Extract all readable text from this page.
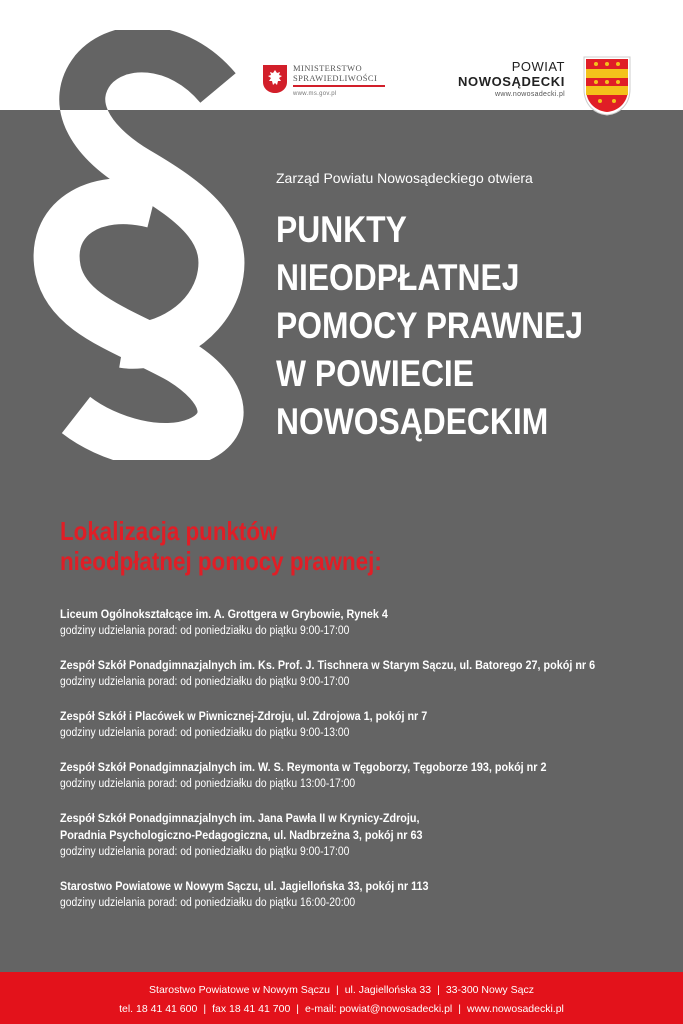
MINISTERSTWO
SPRAWIEDLIWOŚCI
www.ms.gov.pl
POWIAT
NOWOSĄDECKI
www.nowosadecki.pl
Zarząd Powiatu Nowosądeckiego otwiera
PUNKTY
NIEODPŁATNEJ
POMOCY PRAWNEJ
W POWIECIE
NOWOSĄDECKIM
Lokalizacja punktów
nieodpłatnej pomocy prawnej:
Liceum Ogólnokształcące im. A. Grottgera w Grybowie, Rynek 4
godziny udzielania porad: od poniedziałku do piątku 9:00-17:00
Zespół Szkół Ponadgimnazjalnych im. Ks. Prof. J. Tischnera w Starym Sączu, ul. Batorego 27, pokój nr 6
godziny udzielania porad: od poniedziałku do piątku 9:00-17:00
Zespół Szkół i Placówek w Piwnicznej-Zdroju, ul. Zdrojowa 1, pokój nr 7
godziny udzielania porad: od poniedziałku do piątku 9:00-13:00
Zespół Szkół Ponadgimnazjalnych im. W. S. Reymonta w Tęgoborzy, Tęgoborze 193, pokój nr 2
godziny udzielania porad: od poniedziałku do piątku 13:00-17:00
Zespół Szkół Ponadgimnazjalnych im. Jana Pawła II w Krynicy-Zdroju,
Poradnia Psychologiczno-Pedagogiczna, ul. Nadbrzeżna 3, pokój nr 63
godziny udzielania porad: od poniedziałku do piątku 9:00-17:00
Starostwo Powiatowe w Nowym Sączu, ul. Jagiellońska 33, pokój nr 113
godziny udzielania porad: od poniedziałku do piątku 16:00-20:00
Starostwo Powiatowe w Nowym Sączu | ul. Jagiellońska 33 | 33-300 Nowy Sącz
tel. 18 41 41 600 | fax 18 41 41 700 | e-mail: powiat@nowosadecki.pl | www.nowosadecki.pl
